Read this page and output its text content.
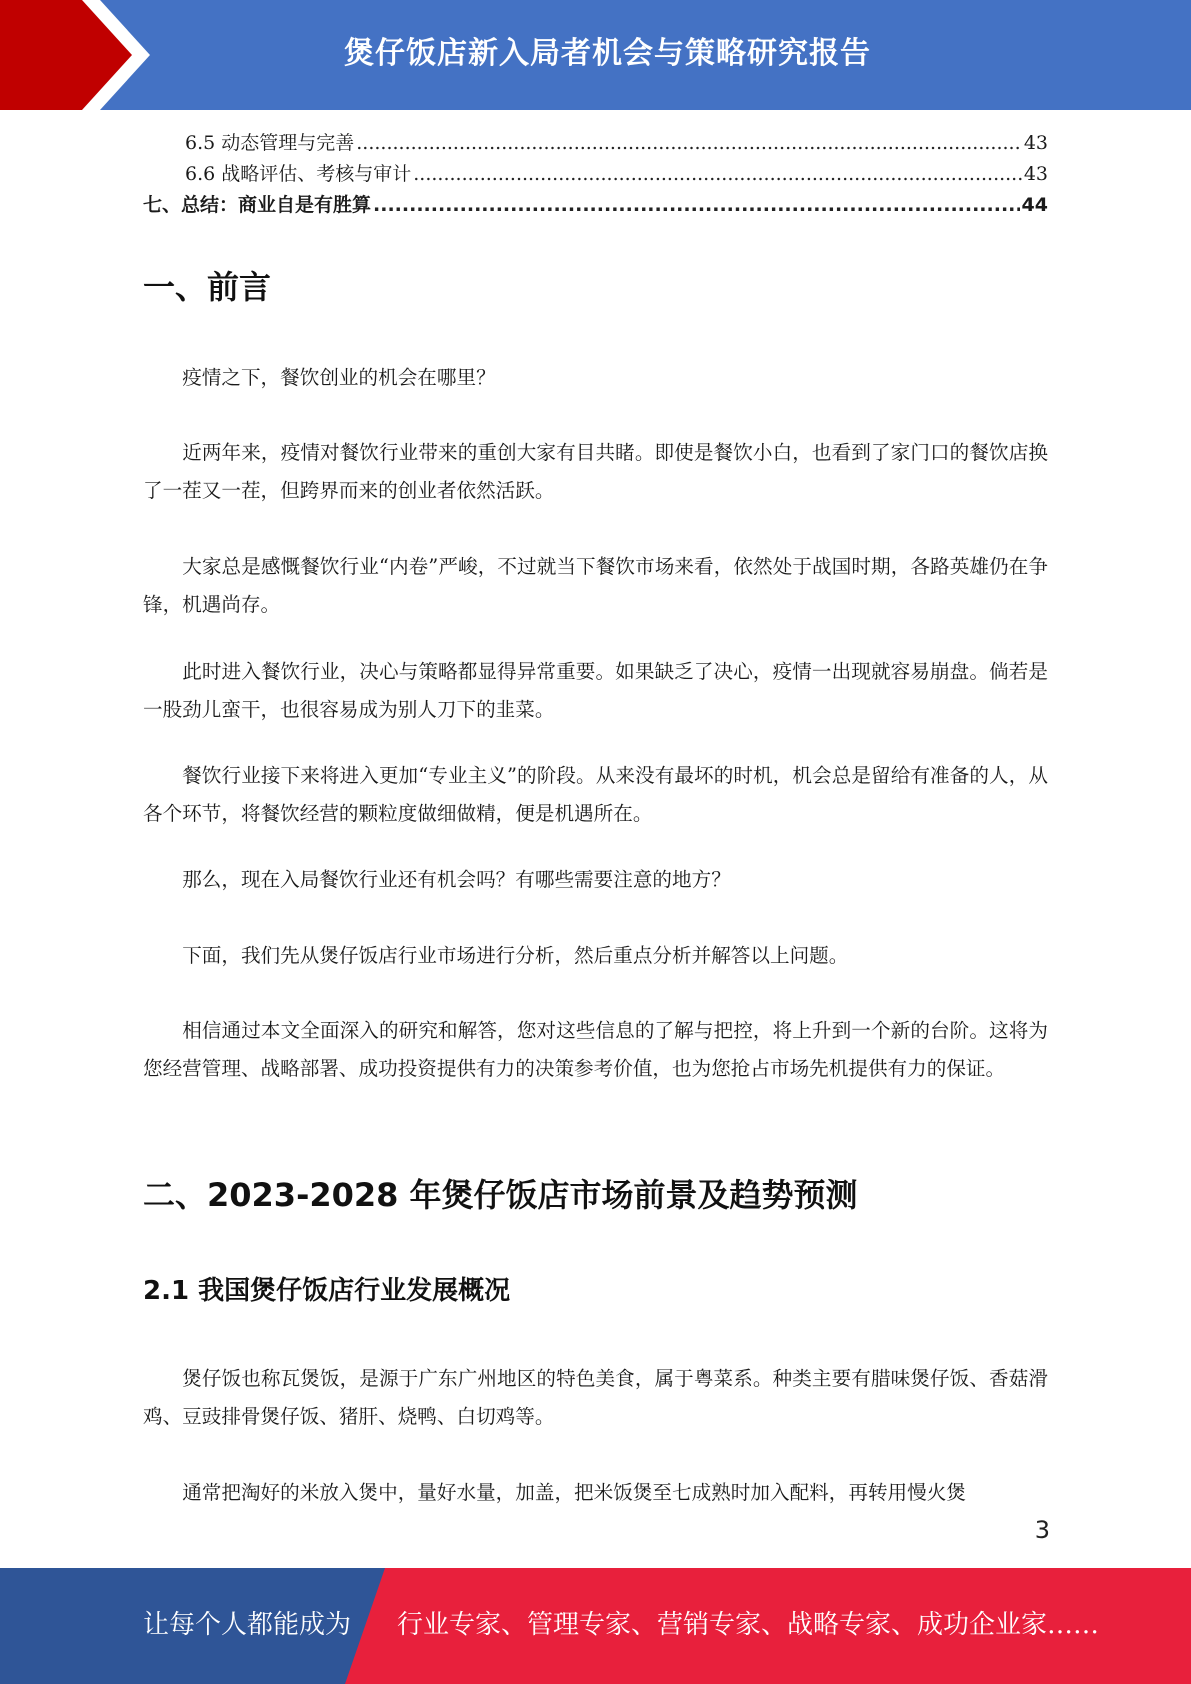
煲仔饭店新入局者机会与策略研究报告
6.5 动态管理与完善 .....	43
6.6 战略评估、考核与审计 .....	43
七、总结：商业自是有胜算 .....	44
一、前言

疫情之下，餐饮创业的机会在哪里？

近两年来，疫情对餐饮行业带来的重创大家有目共睹。即使是餐饮小白，也看到了家门口的餐饮店换了一茬又一茬，但跨界而来的创业者依然活跃。

大家总是感慨餐饮行业“内卷”严峻，不过就当下餐饮市场来看，依然处于战国时期，各路英雄仍在争锋，机遇尚存。

此时进入餐饮行业，决心与策略都显得异常重要。如果缺乏了决心，疫情一出现就容易崩盘。倘若是一股劲儿蛮干，也很容易成为别人刀下的韭菜。

餐饮行业接下来将进入更加“专业主义”的阶段。从来没有最坏的时机，机会总是留给有准备的人，从各个环节，将餐饮经营的颗粒度做细做精，便是机遇所在。

那么，现在入局餐饮行业还有机会吗？有哪些需要注意的地方？

下面，我们先从煲仔饭店行业市场进行分析，然后重点分析并解答以上问题。

相信通过本文全面深入的研究和解答，您对这些信息的了解与把控，将上升到一个新的台阶。这将为您经营管理、战略部署、成功投资提供有力的决策参考价值，也为您抢占市场先机提供有力的保证。

二、2023-2028 年煲仔饭店市场前景及趋势预测
2.1 我国煲仔饭店行业发展概况

煲仔饭也称瓦煲饭，是源于广东广州地区的特色美食，属于粤菜系。种类主要有腊味煲仔饭、香菇滑鸡、豆豉排骨煲仔饭、猪肝、烧鸭、白切鸡等。

通常把淘好的米放入煲中，量好水量，加盖，把米饭煲至七成熟时加入配料，再转用慢火煲

3
让每个人都能成为 行业专家、管理专家、营销专家、战略专家、成功企业家……
